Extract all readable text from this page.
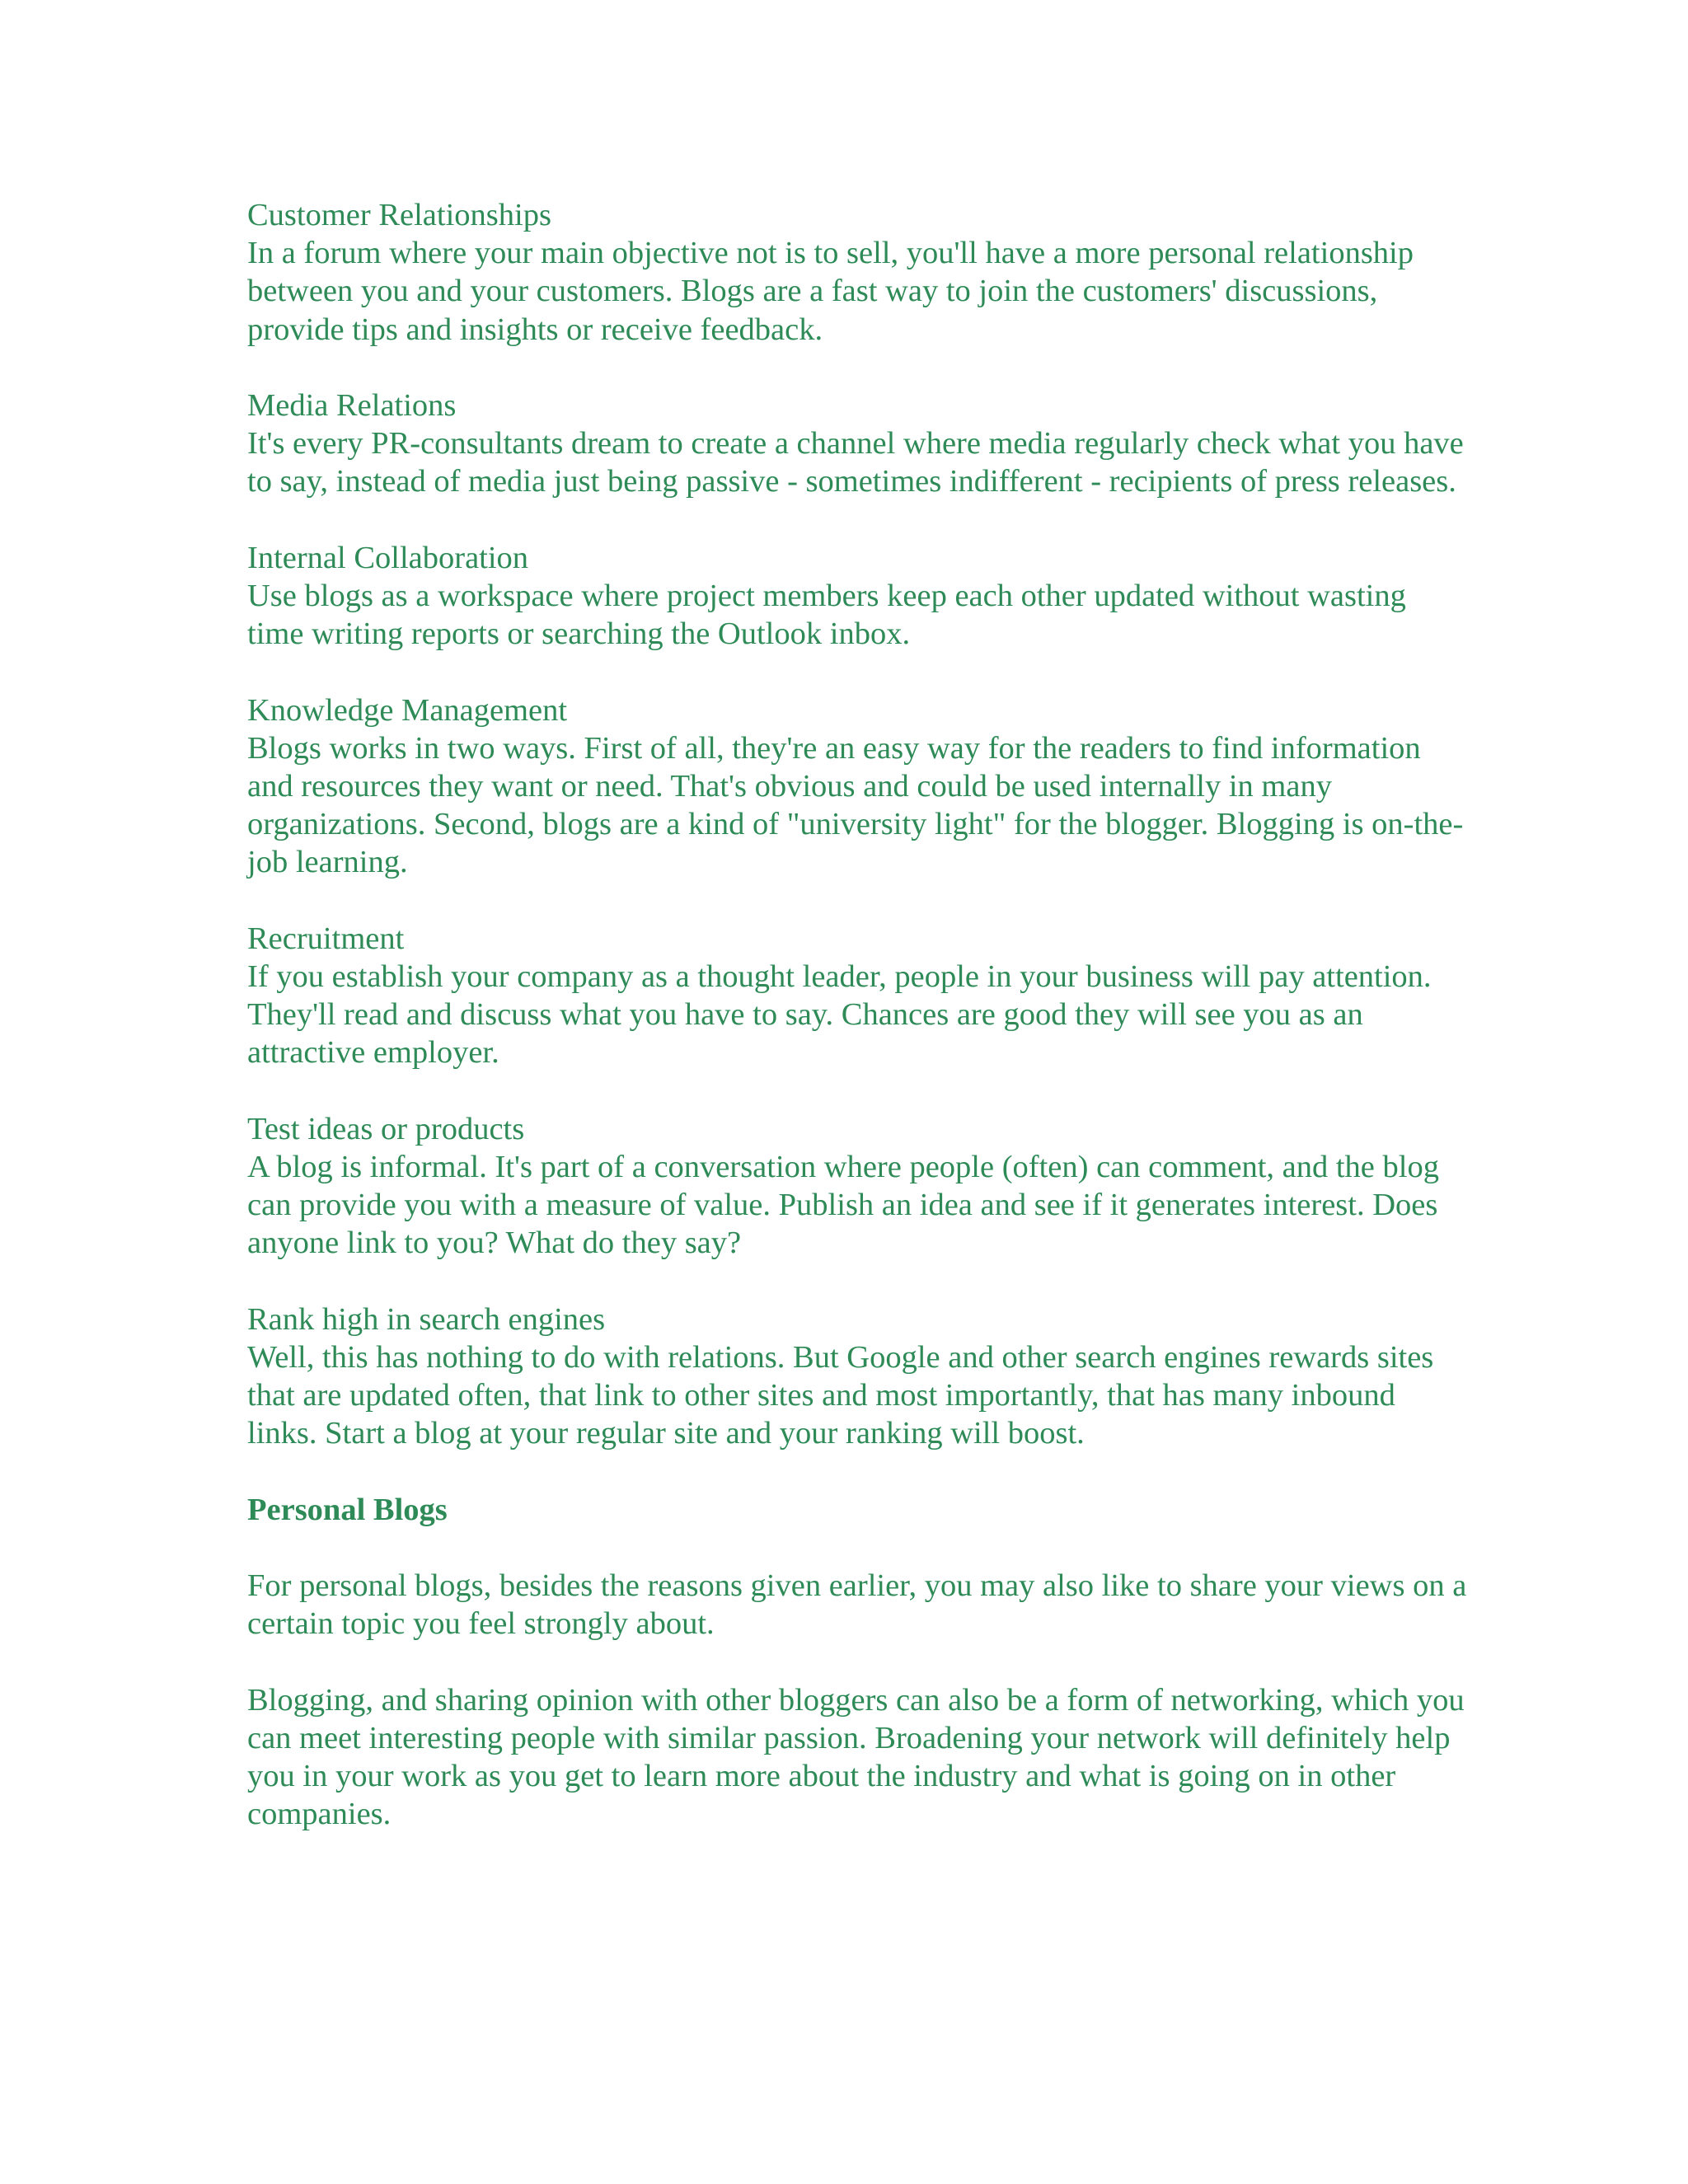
Customer Relationships
In a forum where your main objective not is to sell, you'll have a more personal relationship between you and your customers. Blogs are a fast way to join the customers' discussions, provide tips and insights or receive feedback.
Media Relations
It's every PR-consultants dream to create a channel where media regularly check what you have to say, instead of media just being passive - sometimes indifferent - recipients of press releases.
Internal Collaboration
Use blogs as a workspace where project members keep each other updated without wasting time writing reports or searching the Outlook inbox.
Knowledge Management
Blogs works in two ways. First of all, they're an easy way for the readers to find information and resources they want or need. That's obvious and could be used internally in many organizations. Second, blogs are a kind of "university light" for the blogger. Blogging is on-the-job learning.
Recruitment
If you establish your company as a thought leader, people in your business will pay attention. They'll read and discuss what you have to say. Chances are good they will see you as an attractive employer.
Test ideas or products
A blog is informal. It's part of a conversation where people (often) can comment, and the blog can provide you with a measure of value. Publish an idea and see if it generates interest. Does anyone link to you? What do they say?
Rank high in search engines
Well, this has nothing to do with relations. But Google and other search engines rewards sites that are updated often, that link to other sites and most importantly, that has many inbound links. Start a blog at your regular site and your ranking will boost.
Personal Blogs
For personal blogs, besides the reasons given earlier, you may also like to share your views on a certain topic you feel strongly about.
Blogging, and sharing opinion with other bloggers can also be a form of networking, which you can meet interesting people with similar passion. Broadening your network will definitely help you in your work as you get to learn more about the industry and what is going on in other companies.
